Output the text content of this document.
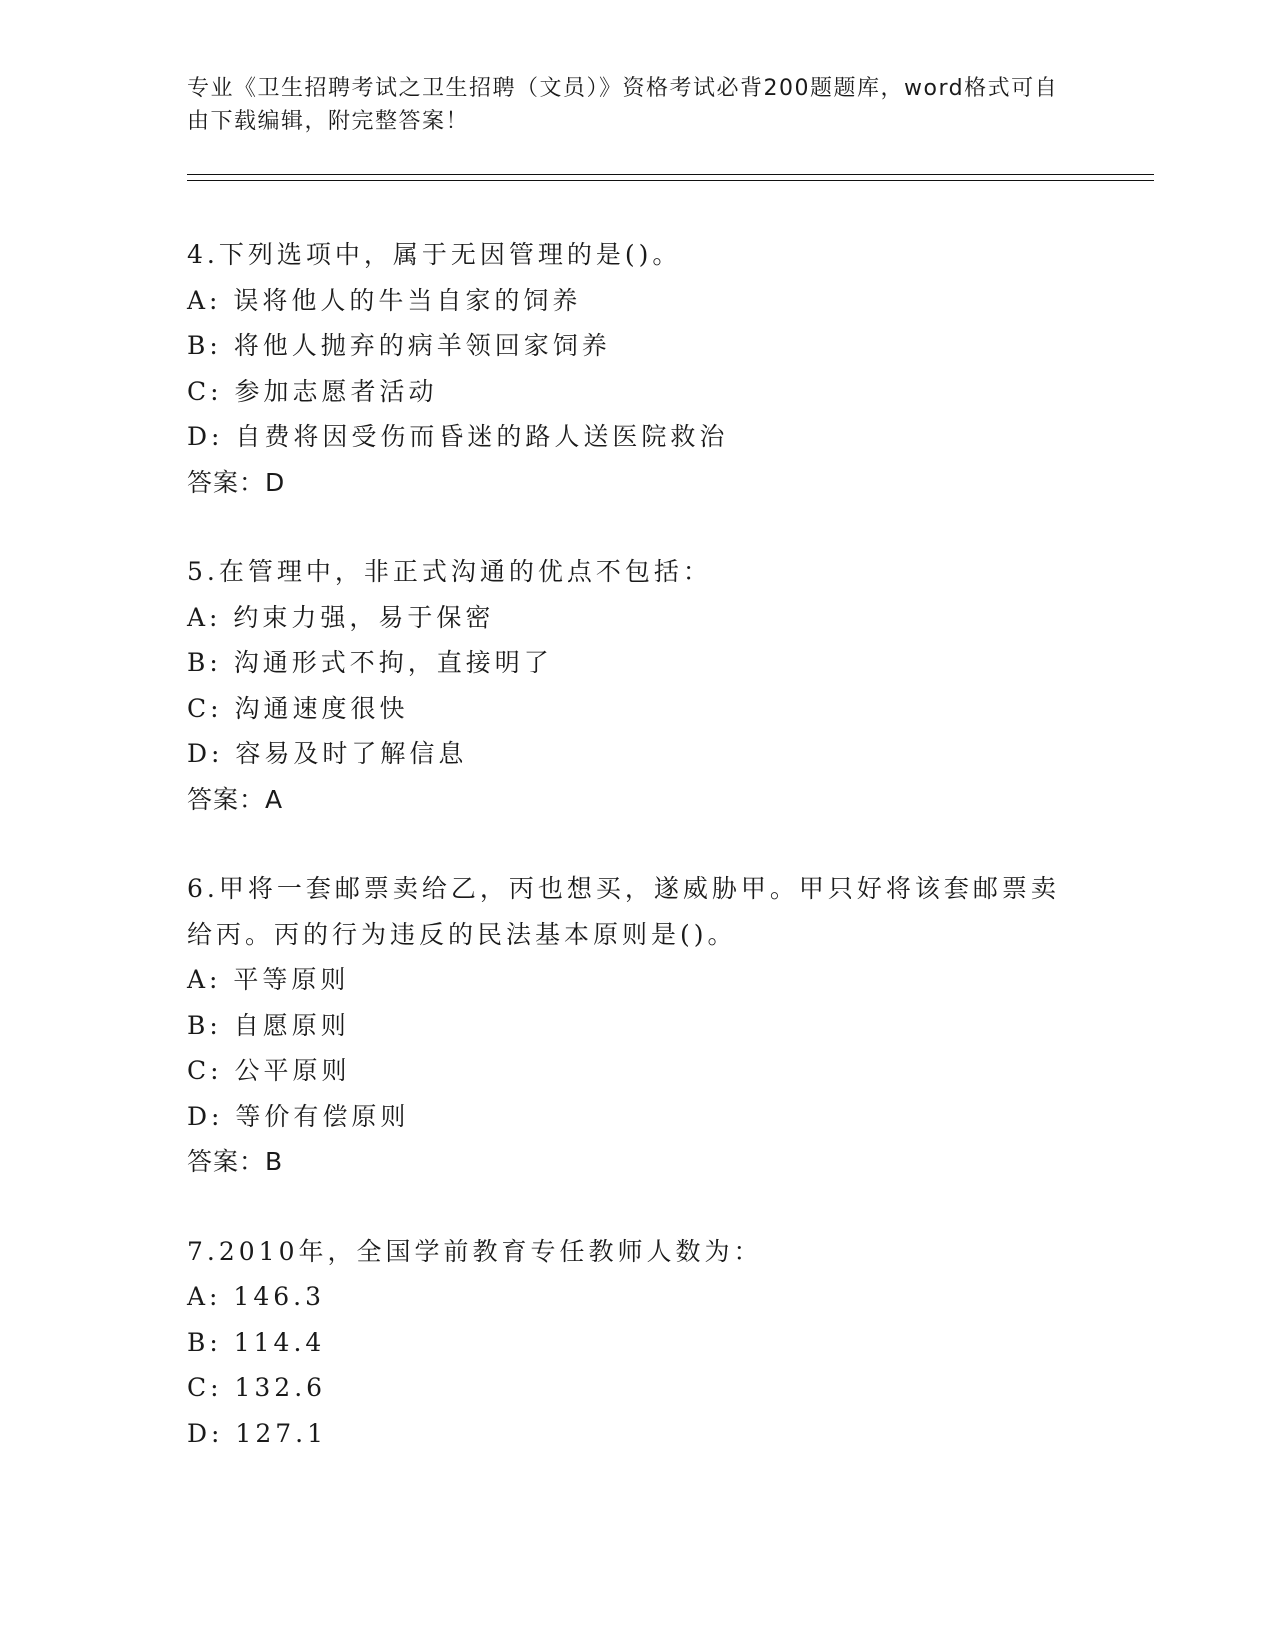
专业《卫生招聘考试之卫生招聘（文员）》资格考试必背200题题库，word格式可自由下载编辑，附完整答案！
4.下列选项中，属于无因管理的是()。
A: 误将他人的牛当自家的饲养
B: 将他人抛弃的病羊领回家饲养
C: 参加志愿者活动
D: 自费将因受伤而昏迷的路人送医院救治
答案：D
5.在管理中，非正式沟通的优点不包括：
A: 约束力强，易于保密
B: 沟通形式不拘，直接明了
C: 沟通速度很快
D: 容易及时了解信息
答案：A
6.甲将一套邮票卖给乙，丙也想买，遂威胁甲。甲只好将该套邮票卖给丙。丙的行为违反的民法基本原则是()。
A: 平等原则
B: 自愿原则
C: 公平原则
D: 等价有偿原则
答案：B
7.2010年，全国学前教育专任教师人数为：
A: 146.3
B: 114.4
C: 132.6
D: 127.1
